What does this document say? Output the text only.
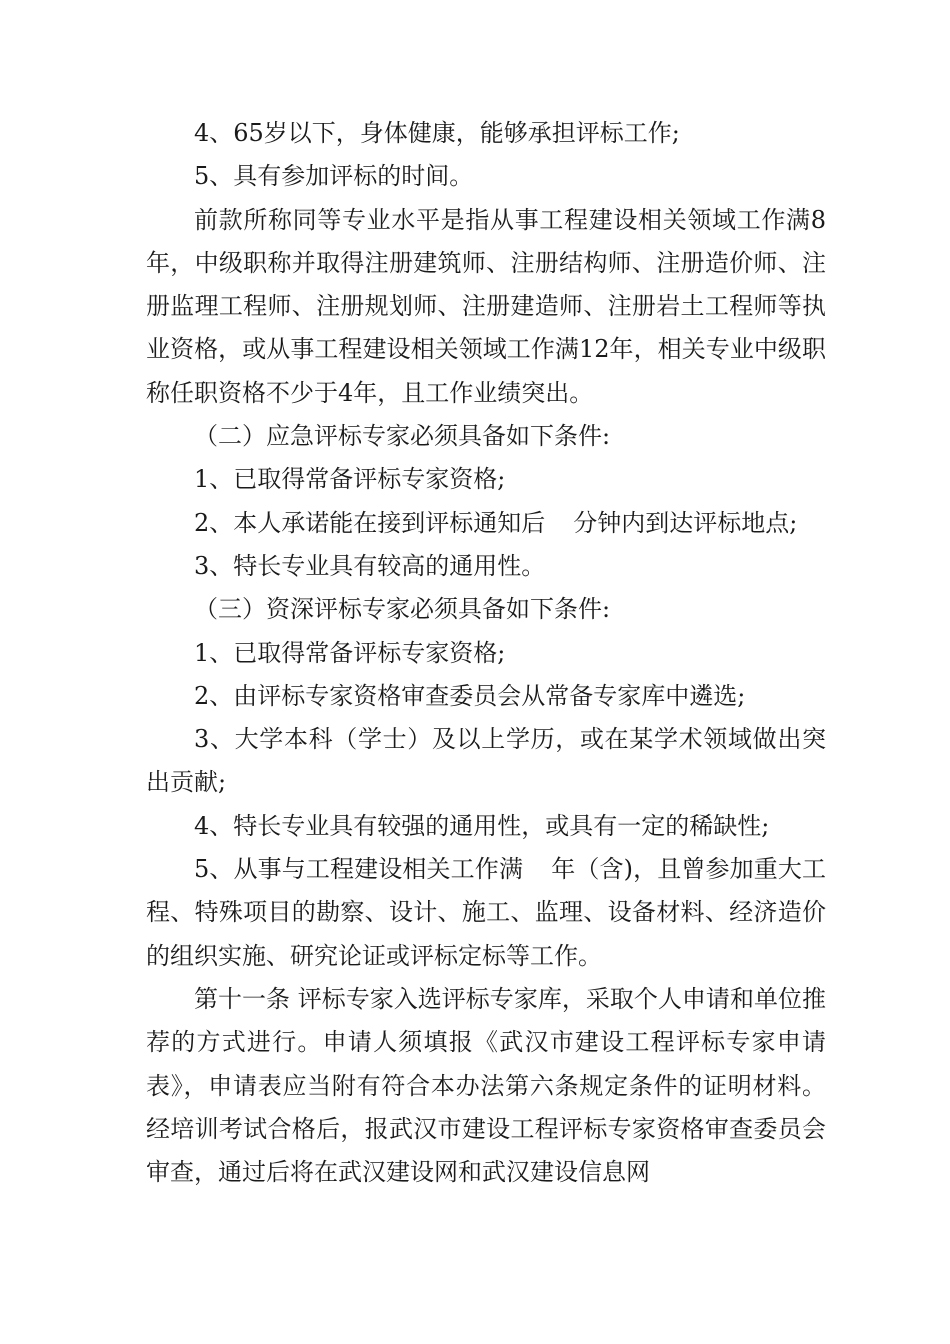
4、65岁以下，身体健康，能够承担评标工作;

5、具有参加评标的时间。

前款所称同等专业水平是指从事工程建设相关领域工作满8年，中级职称并取得注册建筑师、注册结构师、注册造价师、注册监理工程师、注册规划师、注册建造师、注册岩土工程师等执业资格，或从事工程建设相关领域工作满12年，相关专业中级职称任职资格不少于4年，且工作业绩突出。

（二）应急评标专家必须具备如下条件:

1、已取得常备评标专家资格;

2、本人承诺能在接到评标通知后 分钟内到达评标地点;

3、特长专业具有较高的通用性。

（三）资深评标专家必须具备如下条件:

1、已取得常备评标专家资格;

2、由评标专家资格审查委员会从常备专家库中遴选;

3、大学本科（学士）及以上学历，或在某学术领域做出突出贡献;

4、特长专业具有较强的通用性，或具有一定的稀缺性;

5、从事与工程建设相关工作满 年（含)，且曾参加重大工程、特殊项目的勘察、设计、施工、监理、设备材料、经济造价的组织实施、研究论证或评标定标等工作。

第十一条 评标专家入选评标专家库，采取个人申请和单位推荐的方式进行。申请人须填报《武汉市建设工程评标专家申请表》，申请表应当附有符合本办法第六条规定条件的证明材料。经培训考试合格后，报武汉市建设工程评标专家资格审查委员会审查，通过后将在武汉建设网和武汉建设信息网
